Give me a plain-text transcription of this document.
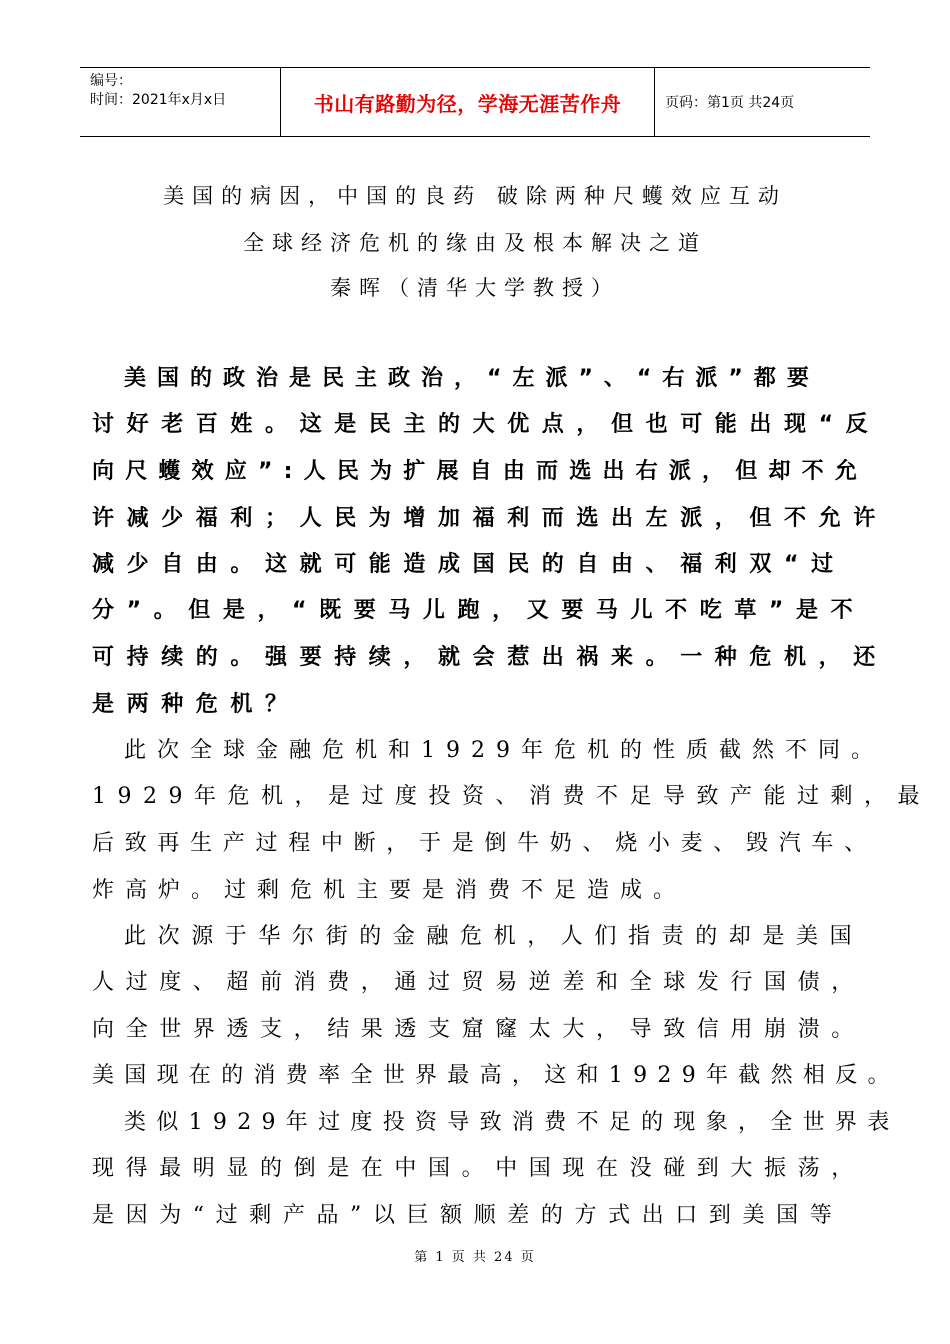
编号：
时间：2021年x月x日	书山有路勤为径，学海无涯苦作舟	页码：第1页 共24页
美国的病因，中国的良药 破除两种尺蠖效应互动
全球经济危机的缘由及根本解决之道
秦晖（清华大学教授）
美国的政治是民主政治，“左派”、“右派”都要
讨好老百姓。这是民主的大优点，但也可能出现“反
向尺蠖效应”:人民为扩展自由而选出右派，但却不允
许减少福利；人民为增加福利而选出左派，但不允许
减少自由。这就可能造成国民的自由、福利双“过
分”。但是，“既要马儿跑，又要马儿不吃草”是不
可持续的。强要持续，就会惹出祸来。一种危机，还
是两种危机？
此次全球金融危机和1929年危机的性质截然不同。
1929年危机，是过度投资、消费不足导致产能过剩，最
后致再生产过程中断，于是倒牛奶、烧小麦、毁汽车、
炸高炉。过剩危机主要是消费不足造成。
此次源于华尔街的金融危机，人们指责的却是美国
人过度、超前消费，通过贸易逆差和全球发行国债，
向全世界透支，结果透支窟窿太大，导致信用崩溃。
美国现在的消费率全世界最高，这和1929年截然相反。
类似1929年过度投资导致消费不足的现象，全世界表
现得最明显的倒是在中国。中国现在没碰到大振荡，
是因为“过剩产品”以巨额顺差的方式出口到美国等
第 1 页 共 24 页
